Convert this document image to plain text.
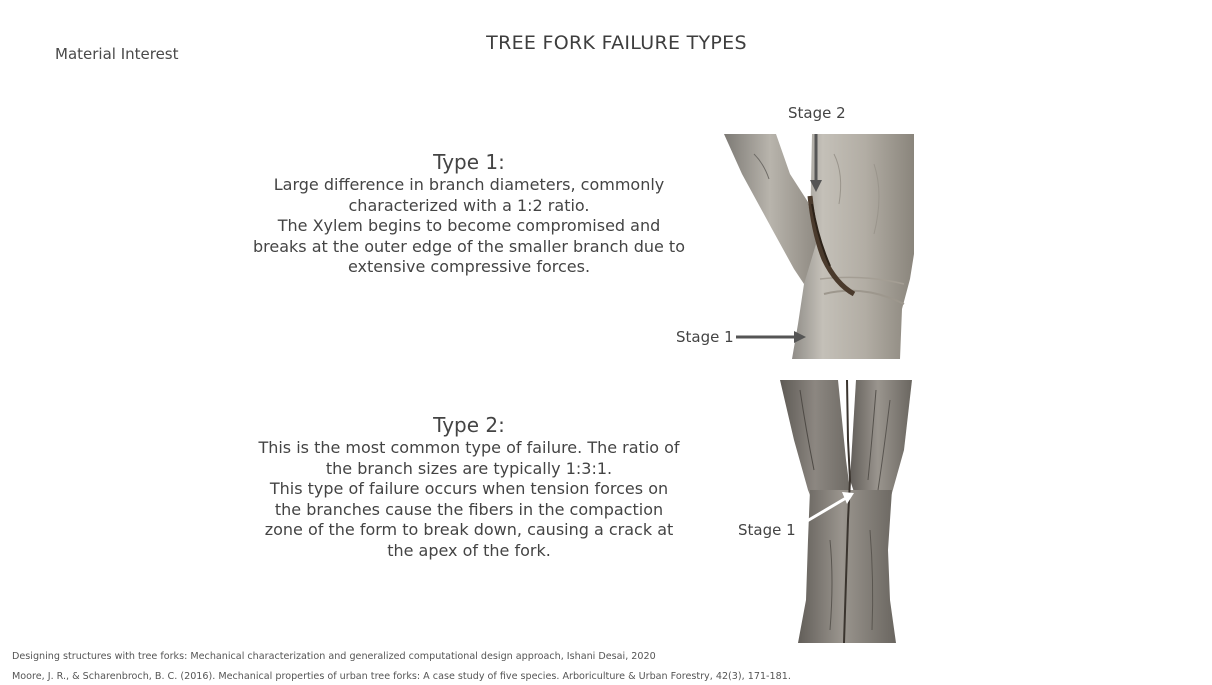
Material Interest	TREE FORK FAILURE TYPES
Type 1:

Large difference in branch diameters, commonly

characterized with a 1:2 ratio.

The Xylem begins to become compromised and

breaks at the outer edge of the smaller branch due to

extensive compressive forces.

Type 2:

This is the most common type of failure. The ratio of

the branch sizes are typically 1:3:1.

This type of failure occurs when tension forces on

the branches cause the fibers in the compaction

zone of the form to break down, causing a crack at

the apex of the fork.

Stage 2
Stage 1
Stage 1
Designing structures with tree forks: Mechanical characterization and generalized computational design approach, Ishani Desai, 2020
Moore, J. R., & Scharenbroch, B. C. (2016). Mechanical properties of urban tree forks: A case study of five species. Arboriculture & Urban Forestry, 42(3), 171-181.
